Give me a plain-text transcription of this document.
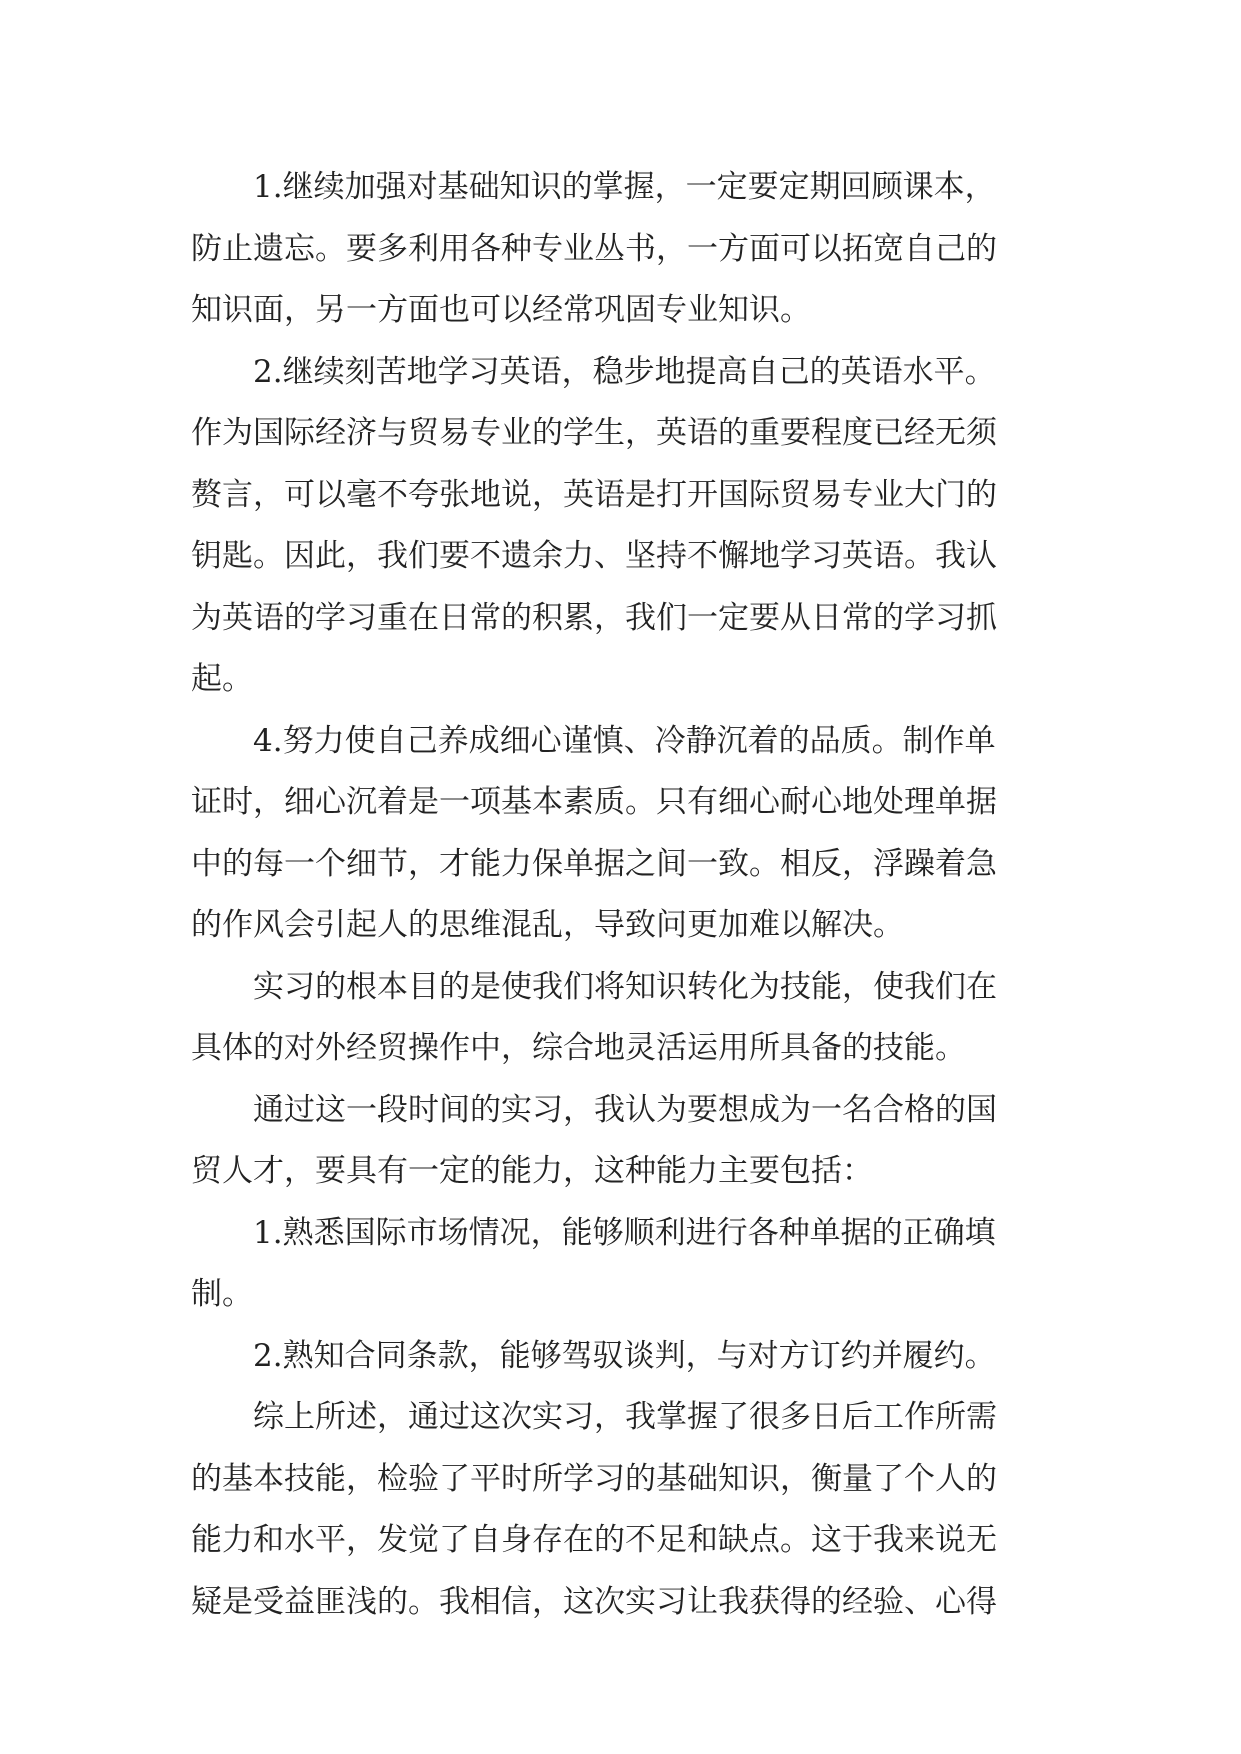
1.继续加强对基础知识的掌握，一定要定期回顾课本，
防止遗忘。要多利用各种专业丛书，一方面可以拓宽自己的
知识面，另一方面也可以经常巩固专业知识。
2.继续刻苦地学习英语，稳步地提高自己的英语水平。
作为国际经济与贸易专业的学生，英语的重要程度已经无须
赘言，可以毫不夸张地说，英语是打开国际贸易专业大门的
钥匙。因此，我们要不遗余力、坚持不懈地学习英语。我认
为英语的学习重在日常的积累，我们一定要从日常的学习抓
起。
4.努力使自己养成细心谨慎、冷静沉着的品质。制作单
证时，细心沉着是一项基本素质。只有细心耐心地处理单据
中的每一个细节，才能力保单据之间一致。相反，浮躁着急
的作风会引起人的思维混乱，导致问更加难以解决。
实习的根本目的是使我们将知识转化为技能，使我们在
具体的对外经贸操作中，综合地灵活运用所具备的技能。
通过这一段时间的实习，我认为要想成为一名合格的国
贸人才，要具有一定的能力，这种能力主要包括：
1.熟悉国际市场情况，能够顺利进行各种单据的正确填
制。
2.熟知合同条款，能够驾驭谈判，与对方订约并履约。
综上所述，通过这次实习，我掌握了很多日后工作所需
的基本技能，检验了平时所学习的基础知识，衡量了个人的
能力和水平，发觉了自身存在的不足和缺点。这于我来说无
疑是受益匪浅的。我相信，这次实习让我获得的经验、心得
